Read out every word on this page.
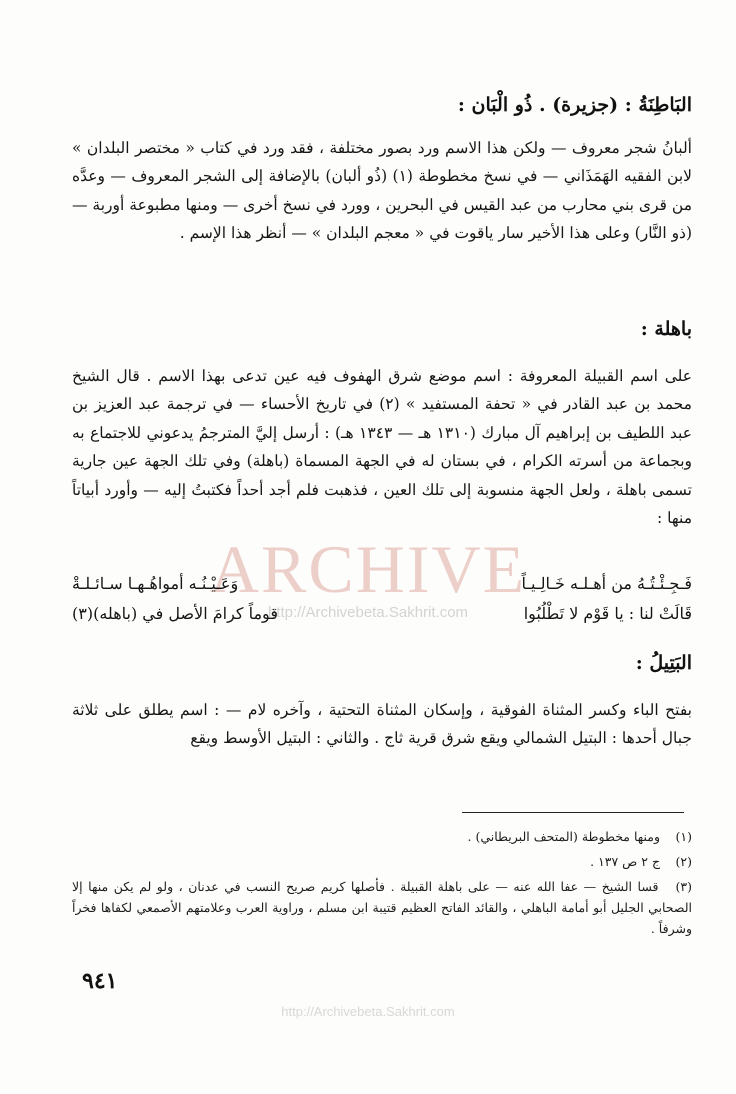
ARCHIVE
http://Archivebeta.Sakhrit.com
البَاطِنَةُ : (جزيرة) . ذُو الْبَان :
ألبانُ شجر معروف — ولكن هذا الاسم ورد بصور مختلفة ، فقد ورد في كتاب « مختصر البلدان » لابن الفقيه الهَمَذَاني — في نسخ مخطوطة (١) (ذُو ألبان) بالإضافة إلى الشجر المعروف — وعدَّه من قرى بني محارب من عبد القيس في البحرين ، وورد في نسخ أخرى — ومنها مطبوعة أوربة — (ذو النَّار) وعلى هذا الأخير سار ياقوت في « معجم البلدان » — أنظر هذا الإسم .
باهلة :
على اسم القبيلة المعروفة : اسم موضع شرق الهفوف فيه عين تدعى بهذا الاسم . قال الشيخ محمد بن عبد القادر في « تحفة المستفيد » (٢) في تاريخ الأحساء — في ترجمة عبد العزيز بن عبد اللطيف بن إبراهيم آل مبارك (١٣١٠ هـ — ١٣٤٣ هـ) : أرسل إليَّ المترجمُ يدعوني للاجتماع به وبجماعة من أسرته الكرام ، في بستان له في الجهة المسماة (باهلة) وفي تلك الجهة عين جارية تسمى باهلة ، ولعل الجهة منسوبة إلى تلك العين ، فذهبت فلم أجد أحداً فكتبتُ إليه — وأورد أبياتاً منها :
فَـجِـئْـتُـهُ من أهـلـه خَـالِـيـاً
وَعَـيْـنُـه أمواهُـهـا سـائـلـةْ
قَالَتْ لنا : يا قَوْم لا تَطْلُبُوا
قوماً كرامَ الأصل في (باهله)(٣)
البَتِيلُ :
بفتح الباء وكسر المثناة الفوقية ، وإسكان المثناة التحتية ، وآخره لام — : اسم يطلق على ثلاثة جبال أحدها : البتيل الشمالي ويقع شرق قرية ثاج . والثاني : البتيل الأوسط ويقع
(١) ومنها مخطوطة (المتحف البريطاني) .
(٢) ج ٢ ص ١٣٧ .
(٣) قسا الشيخ — عفا الله عنه — على باهلة القبيلة . فأصلها كريم صريح النسب في عدنان ، ولو لم يكن منها إلا الصحابي الجليل أبو أمامة الباهلي ، والقائد الفاتح العظيم قتيبة ابن مسلم ، وراوية العرب وعلامتهم الأصمعي لكفاها فخراً وشرفاً .
٩٤١
http://Archivebeta.Sakhrit.com
